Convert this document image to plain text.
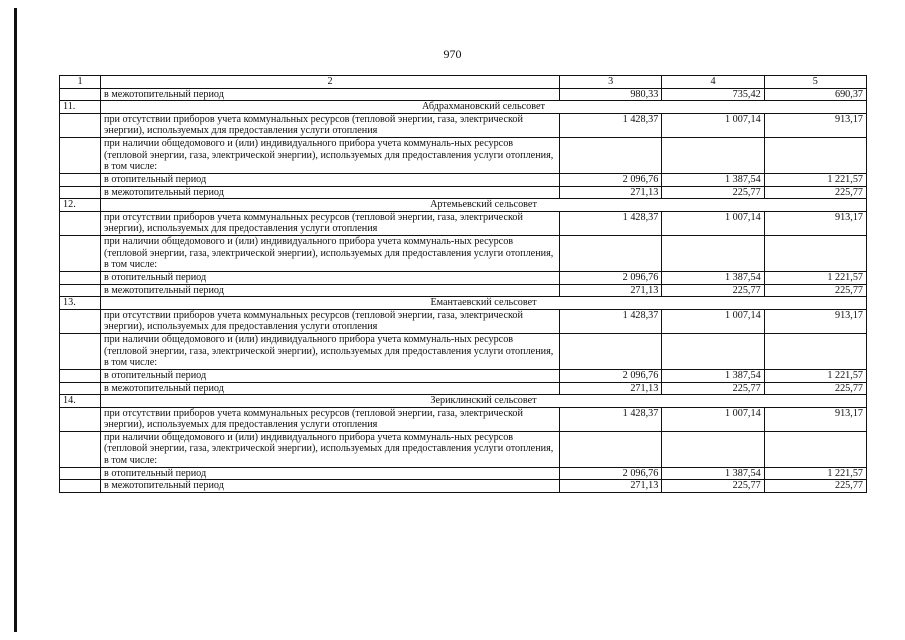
970
1	2	3	4	5
	в межотопительный период	980,33	735,42	690,37
11.	Абдрахмановский сельсовет			
	при отсутствии приборов учета коммунальных ресурсов (тепловой энергии, газа, электрической энергии), используемых для предоставления услуги отопления	1 428,37	1 007,14	913,17
	при наличии общедомового и (или) индивидуального прибора учета коммуналь-ных ресурсов (тепловой энергии, газа, электрической энергии), используемых для предоставления услуги отопления, в том числе:			
	в отопительный период	2 096,76	1 387,54	1 221,57
	в межотопительный период	271,13	225,77	225,77
12.	Артемьевский сельсовет			
	при отсутствии приборов учета коммунальных ресурсов (тепловой энергии, газа, электрической энергии), используемых для предоставления услуги отопления	1 428,37	1 007,14	913,17
	при наличии общедомового и (или) индивидуального прибора учета коммуналь-ных ресурсов (тепловой энергии, газа, электрической энергии), используемых для предоставления услуги отопления, в том числе:			
	в отопительный период	2 096,76	1 387,54	1 221,57
	в межотопительный период	271,13	225,77	225,77
13.	Емантаевский сельсовет			
	при отсутствии приборов учета коммунальных ресурсов (тепловой энергии, газа, электрической энергии), используемых для предоставления услуги отопления	1 428,37	1 007,14	913,17
	при наличии общедомового и (или) индивидуального прибора учета коммуналь-ных ресурсов (тепловой энергии, газа, электрической энергии), используемых для предоставления услуги отопления, в том числе:			
	в отопительный период	2 096,76	1 387,54	1 221,57
	в межотопительный период	271,13	225,77	225,77
14.	Зериклинский сельсовет			
	при отсутствии приборов учета коммунальных ресурсов (тепловой энергии, газа, электрической энергии), используемых для предоставления услуги отопления	1 428,37	1 007,14	913,17
	при наличии общедомового и (или) индивидуального прибора учета коммуналь-ных ресурсов (тепловой энергии, газа, электрической энергии), используемых для предоставления услуги отопления, в том числе:			
	в отопительный период	2 096,76	1 387,54	1 221,57
	в межотопительный период	271,13	225,77	225,77
